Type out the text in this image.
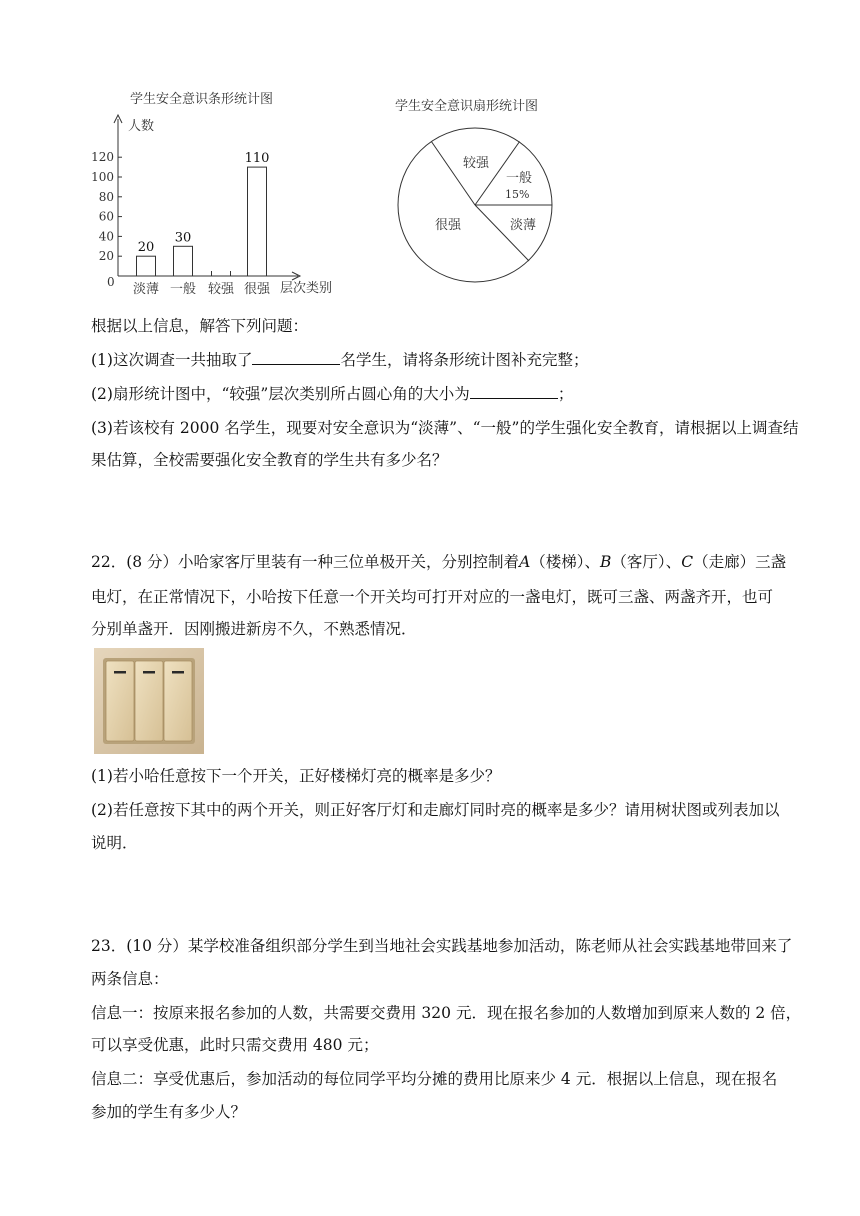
学生安全意识条形统计图
人数
层次类别
0
20
40
60
80
100
120
20
淡薄
30
一般 较强
110
很强
学生安全意识扇形统计图
较强
一般
15%
淡薄
很强
根据以上信息，解答下列问题：
(1)这次调查一共抽取了	名学生，请将条形统计图补充完整；
(2)扇形统计图中，“较强”层次类别所占圆心角的大小为	；
(3)若该校有 2000 名学生，现要对安全意识为“淡薄”、“一般”的学生强化安全教育，请根据以上调查结
果估算，全校需要强化安全教育的学生共有多少名？
22．(8 分）小哈家客厅里装有一种三位单极开关，分别控制着A（楼梯）、B（客厅）、C（走廊）三盏
电灯，在正常情况下，小哈按下任意一个开关均可打开对应的一盏电灯，既可三盏、两盏齐开，也可
分别单盏开．因刚搬进新房不久，不熟悉情况．
(1)若小哈任意按下一个开关，正好楼梯灯亮的概率是多少？
(2)若任意按下其中的两个开关，则正好客厅灯和走廊灯同时亮的概率是多少？请用树状图或列表加以
说明．
23．(10 分）某学校准备组织部分学生到当地社会实践基地参加活动，陈老师从社会实践基地带回来了
两条信息：
信息一：按原来报名参加的人数，共需要交费用 320 元．现在报名参加的人数增加到原来人数的 2 倍，
可以享受优惠，此时只需交费用 480 元；
信息二：享受优惠后，参加活动的每位同学平均分摊的费用比原来少 4 元．根据以上信息，现在报名
参加的学生有多少人？
